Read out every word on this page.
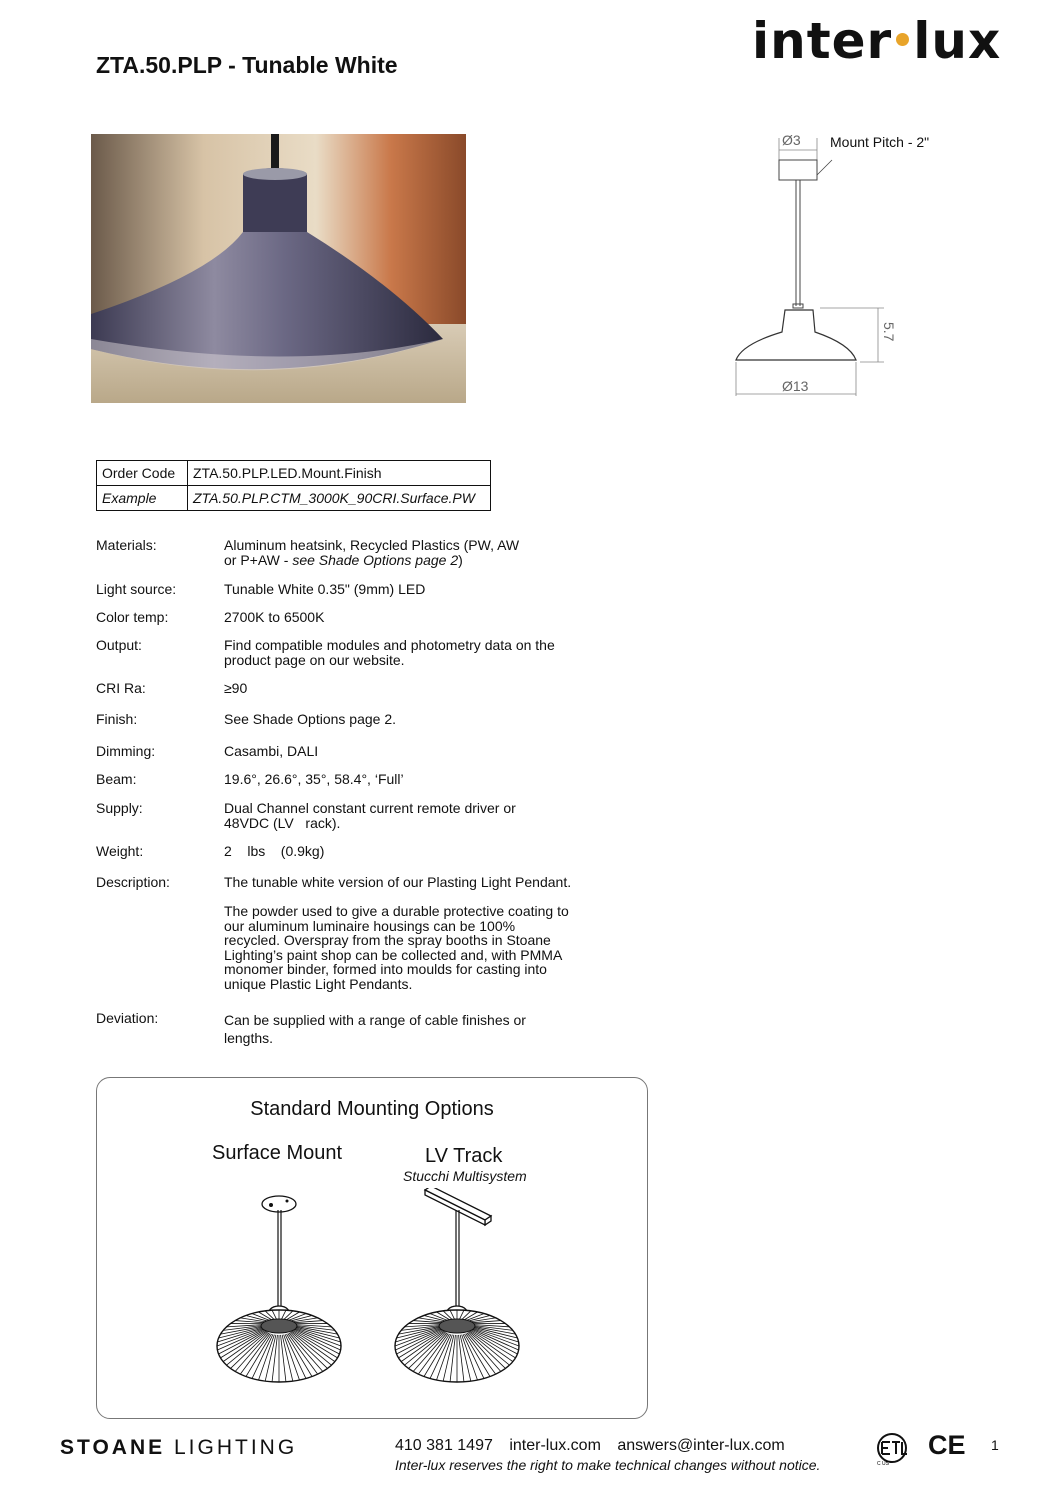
ZTA.50.PLP - Tunable White	inter lux
Ø3 Mount Pitch - 2"
5.7
Ø13
Order Code	ZTA.50.PLP.LED.Mount.Finish
Example	ZTA.50.PLP.CTM_3000K_90CRI.Surface.PW
Materials:	Aluminum heatsink, Recycled Plastics (PW, AW
or P+AW - see Shade Options page 2)
Light source:	Tunable White 0.35" (9mm) LED
Color temp:	2700K to 6500K
Output:	Find compatible modules and photometry data on the
product page on our website.
CRI Ra:	≥90
Finish:	See Shade Options page 2.
Dimming:	Casambi, DALI
Beam:	19.6°, 26.6°, 35°, 58.4°, ‘Full’
Supply:	Dual Channel constant current remote driver or
48VDC (LV   rack).
Weight:	2    lbs    (0.9kg)
Description:	The tunable white version of our Plasting Light Pendant.
The powder used to give a durable protective coating to
our aluminum luminaire housings can be 100%
recycled. Overspray from the spray booths in Stoane
Lighting’s paint shop can be collected and, with PMMA
monomer binder, formed into moulds for casting into
unique Plastic Light Pendants.
Deviation:	Can be supplied with a range of cable finishes or
lengths.
Standard Mounting Options
Surface Mount	LV Track
Stucchi Multisystem
STOANE LIGHTING	410 381 1497 inter-lux.com answers@inter-lux.com
Inter-lux reserves the right to make technical changes without notice.	C US
CE 1
